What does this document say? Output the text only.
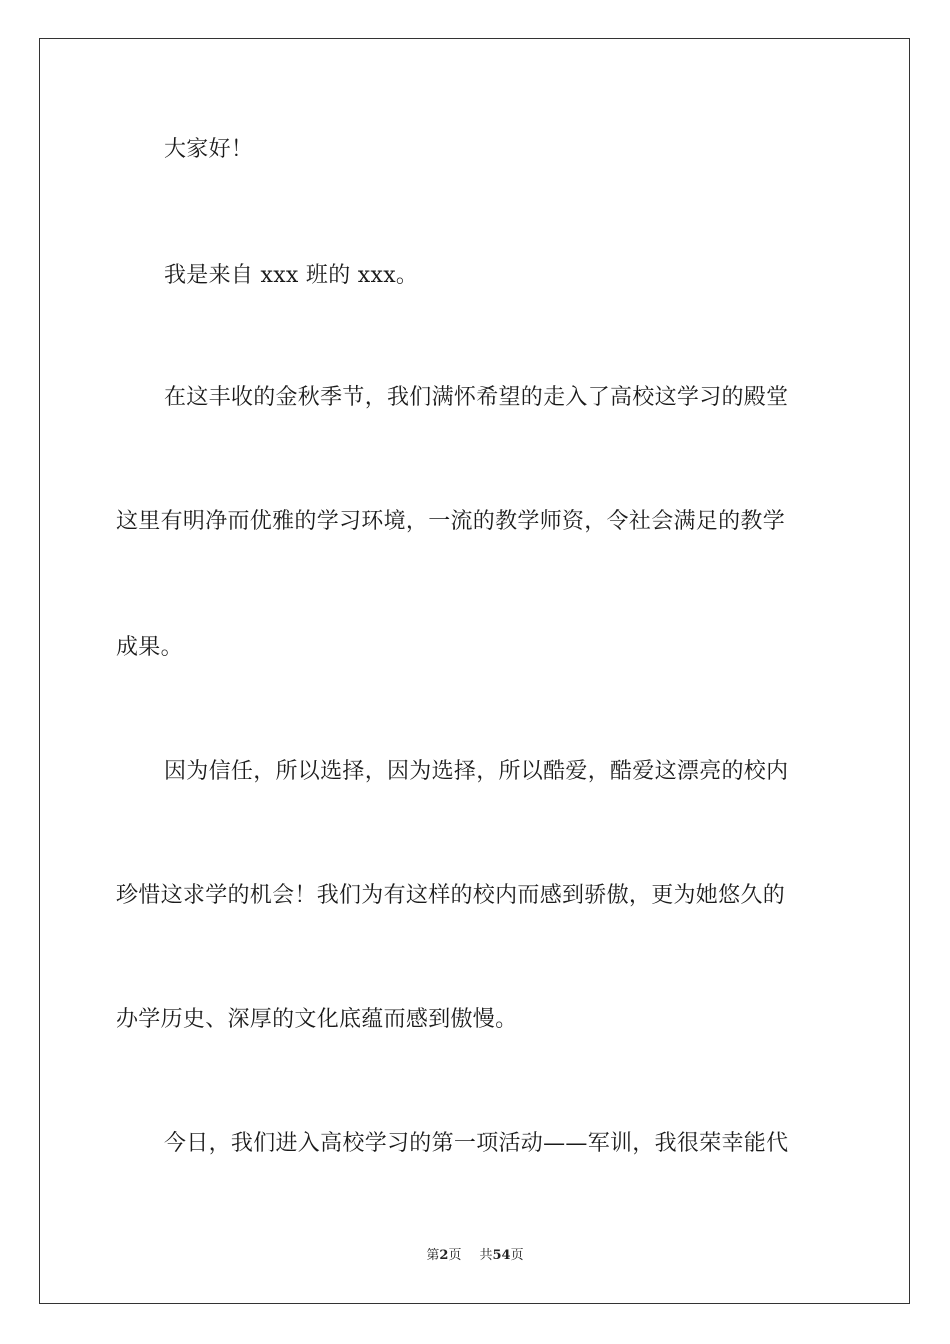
大家好！
我是来自 xxx 班的 xxx。
在这丰收的金秋季节，我们满怀希望的走入了高校这学习的殿堂
这里有明净而优雅的学习环境，一流的教学师资，令社会满足的教学
成果。
因为信任，所以选择，因为选择，所以酷爱，酷爱这漂亮的校内
珍惜这求学的机会！我们为有这样的校内而感到骄傲，更为她悠久的
办学历史、深厚的文化底蕴而感到傲慢。
今日，我们进入高校学习的第一项活动——军训，我很荣幸能代
第2页 共54页
